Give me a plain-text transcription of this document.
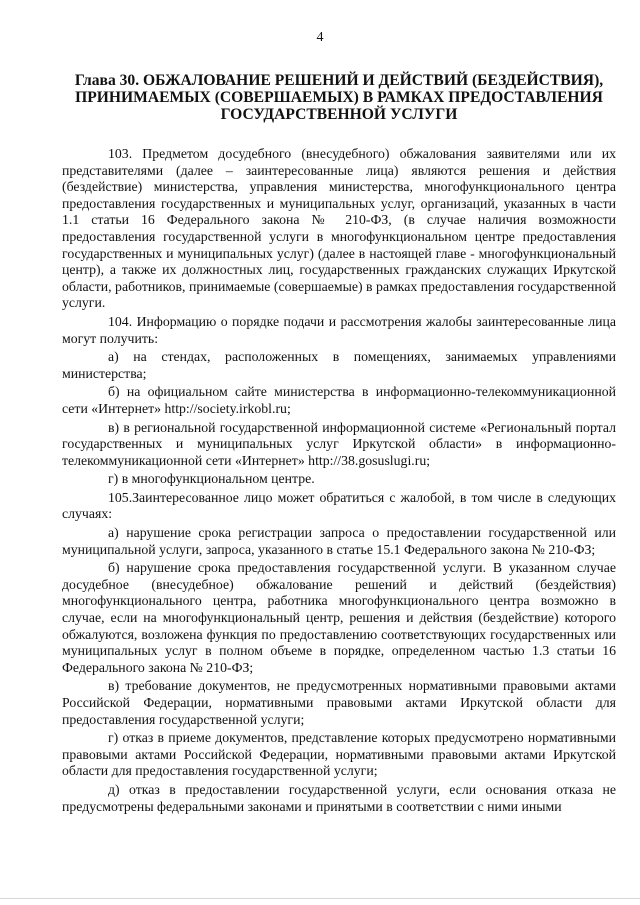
4
Глава 30. ОБЖАЛОВАНИЕ РЕШЕНИЙ И ДЕЙСТВИЙ (БЕЗДЕЙСТВИЯ), ПРИНИМАЕМЫХ (СОВЕРШАЕМЫХ) В РАМКАХ ПРЕДОСТАВЛЕНИЯ ГОСУДАРСТВЕННОЙ УСЛУГИ

103. Предметом досудебного (внесудебного) обжалования заявителями или их представителями (далее – заинтересованные лица) являются решения и действия (бездействие) министерства, управления министерства, многофункционального центра предоставления государственных и муниципальных услуг, организаций, указанных в части 1.1 статьи 16 Федерального закона № 210-ФЗ, (в случае наличия возможности предоставления государственной услуги в многофункциональном центре предоставления государственных и муниципальных услуг) (далее в настоящей главе - многофункциональный центр), а также их должностных лиц, государственных гражданских служащих Иркутской области, работников, принимаемые (совершаемые) в рамках предоставления государственной услуги.

104. Информацию о порядке подачи и рассмотрения жалобы заинтересованные лица могут получить:

а) на стендах, расположенных в помещениях, занимаемых управлениями министерства;

б) на официальном сайте министерства в информационно-телекоммуникационной сети «Интернет» http://society.irkobl.ru;

в) в региональной государственной информационной системе «Региональный портал государственных и муниципальных услуг Иркутской области» в информационно-телекоммуникационной сети «Интернет» http://38.gosuslugi.ru;

г) в многофункциональном центре.

105.Заинтересованное лицо может обратиться с жалобой, в том числе в следующих случаях:

а) нарушение срока регистрации запроса о предоставлении государственной или муниципальной услуги, запроса, указанного в статье 15.1 Федерального закона № 210-ФЗ;

б) нарушение срока предоставления государственной услуги. В указанном случае досудебное (внесудебное) обжалование решений и действий (бездействия) многофункционального центра, работника многофункционального центра возможно в случае, если на многофункциональный центр, решения и действия (бездействие) которого обжалуются, возложена функция по предоставлению соответствующих государственных или муниципальных услуг в полном объеме в порядке, определенном частью 1.3 статьи 16 Федерального закона № 210-ФЗ;

в) требование документов, не предусмотренных нормативными правовыми актами Российской Федерации, нормативными правовыми актами Иркутской области для предоставления государственной услуги;

г) отказ в приеме документов, представление которых предусмотрено нормативными правовыми актами Российской Федерации, нормативными правовыми актами Иркутской области для предоставления государственной услуги;

д) отказ в предоставлении государственной услуги, если основания отказа не предусмотрены федеральными законами и принятыми в соответствии с ними иными
